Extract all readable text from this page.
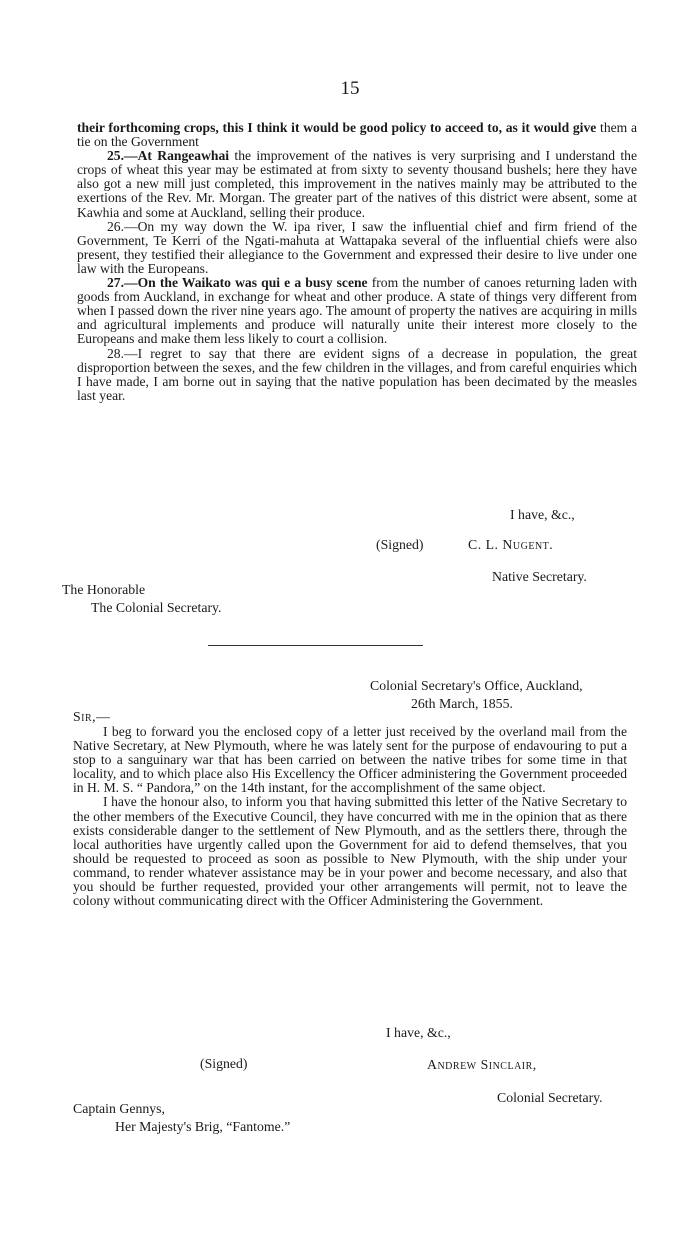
15

their forthcoming crops, this I think it would be good policy to acceed to, as it would give them a tie on the Government

25.—At Rangeawhai the improvement of the natives is very surprising and I understand the crops of wheat this year may be estimated at from sixty to seventy thousand bushels; here they have also got a new mill just completed, this improvement in the natives mainly may be attributed to the exertions of the Rev. Mr. Morgan. The greater part of the natives of this district were absent, some at Kawhia and some at Auckland, selling their produce.

26.—On my way down the W. ipa river, I saw the influential chief and firm friend of the Government, Te Kerri of the Ngati-mahuta at Wattapaka several of the influential chiefs were also present, they testified their allegiance to the Government and expressed their desire to live under one law with the Europeans.

27.—On the Waikato was qui e a busy scene from the number of canoes returning laden with goods from Auckland, in exchange for wheat and other produce. A state of things very different from when I passed down the river nine years ago. The amount of property the natives are acquiring in mills and agricultural implements and produce will naturally unite their interest more closely to the Europeans and make them less likely to court a collision.

28.—I regret to say that there are evident signs of a decrease in population, the great disproportion between the sexes, and the few children in the villages, and from careful enquiries which I have made, I am borne out in saying that the native population has been decimated by the measles last year.

I have, &c.,
(Signed)	C. L. Nugent.
Native Secretary.
The Honorable
The Colonial Secretary.
Colonial Secretary's Office, Auckland,
26th March, 1855.
Sir,—

I beg to forward you the enclosed copy of a letter just received by the overland mail from the Native Secretary, at New Plymouth, where he was lately sent for the purpose of endavouring to put a stop to a sanguinary war that has been carried on between the native tribes for some time in that locality, and to which place also His Excellency the Officer administering the Government proceeded in H. M. S. “ Pandora,” on the 14th instant, for the accomplishment of the same object.

I have the honour also, to inform you that having submitted this letter of the Native Secretary to the other members of the Executive Council, they have concurred with me in the opinion that as there exists considerable danger to the settlement of New Plymouth, and as the settlers there, through the local authorities have urgently called upon the Government for aid to defend themselves, that you should be requested to proceed as soon as possible to New Plymouth, with the ship under your command, to render whatever assistance may be in your power and become necessary, and also that you should be further requested, provided your other arrangements will permit, not to leave the colony without communicating direct with the Officer Administering the Government.

I have, &c.,
(Signed)	Andrew Sinclair,
Colonial Secretary.
Captain Gennys,
Her Majesty's Brig, “Fantome.”
